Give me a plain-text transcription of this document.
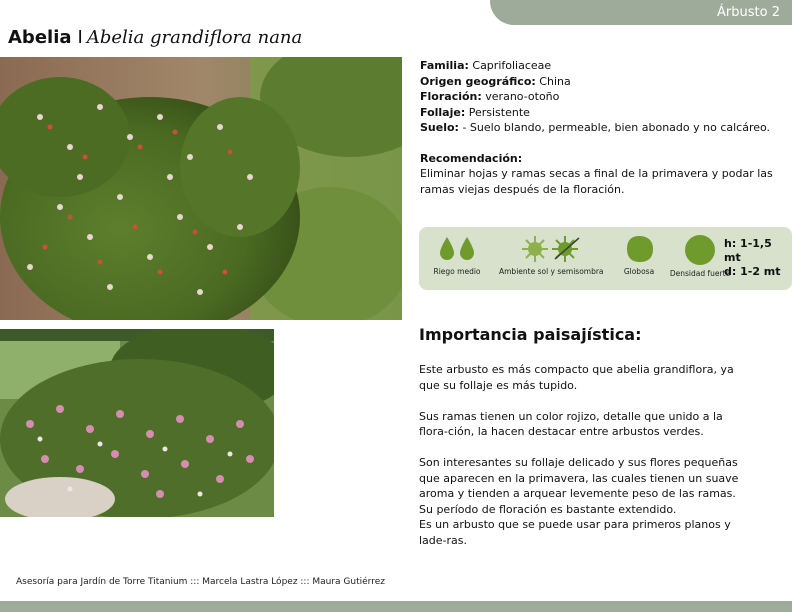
Árbusto 2
Abelia I Abelia grandiflora nana
Familia: Caprifoliaceae
Origen geográfico: China
Floración: verano-otoño
Follaje: Persistente
Suelo: - Suelo blando, permeable, bien abonado y no calcáreo.
Recomendación:
Eliminar hojas y ramas secas a final de la primavera y podar las ramas viejas después de la floración.
Riego medio	Ambiente sol y semisombra	Globosa	Densidad fuerte
h: 1-1,5 mt
d: 1-2 mt
Importancia paisajística:

Este arbusto es más compacto que abelia grandiflora, ya que su follaje es más tupido.

Sus ramas tienen un color rojizo, detalle que unido a la flora-ción, la hacen destacar entre arbustos verdes.

Son interesantes su follaje delicado y sus flores pequeñas que aparecen en la primavera, las cuales tienen un suave aroma y tienden a arquear levemente peso de las ramas. Su período de floración es bastante extendido.

Es un arbusto que se puede usar para primeros planos y lade-ras.

Asesoría para Jardín de Torre Titanium ::: Marcela Lastra López ::: Maura Gutiérrez
